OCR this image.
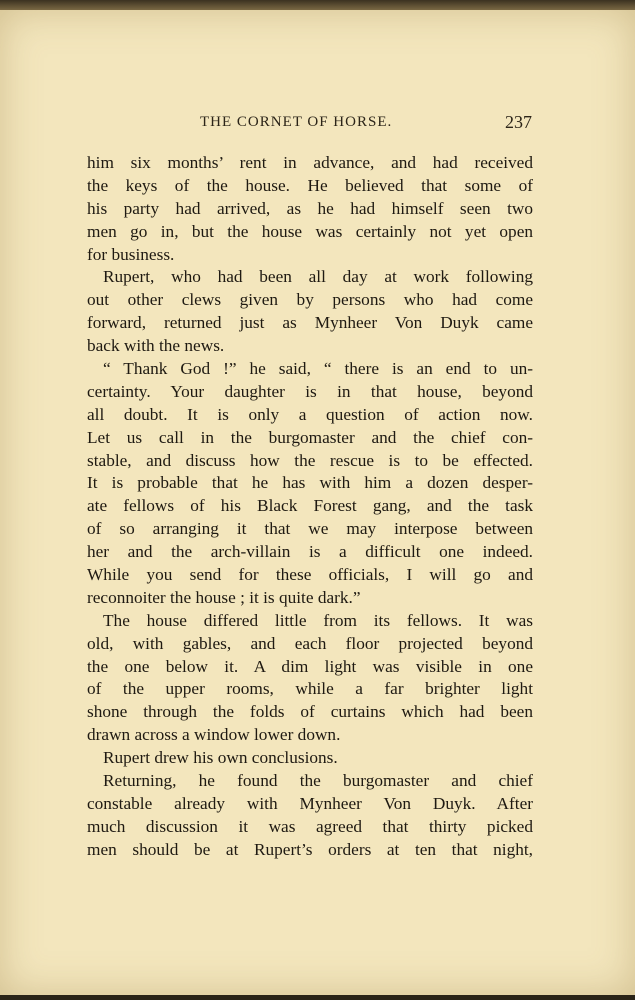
THE CORNET OF HORSE.	237
him six months’ rent in advance, and had received
the keys of the house. He believed that some of
his party had arrived, as he had himself seen two
men go in, but the house was certainly not yet open
for business.
Rupert, who had been all day at work following
out other clews given by persons who had come
forward, returned just as Mynheer Von Duyk came
back with the news.
“ Thank God !” he said, “ there is an end to un-
certainty. Your daughter is in that house, beyond
all doubt. It is only a question of action now.
Let us call in the burgomaster and the chief con-
stable, and discuss how the rescue is to be effected.
It is probable that he has with him a dozen desper-
ate fellows of his Black Forest gang, and the task
of so arranging it that we may interpose between
her and the arch-villain is a difficult one indeed.
While you send for these officials, I will go and
reconnoiter the house ; it is quite dark.”
The house differed little from its fellows. It was
old, with gables, and each floor projected beyond
the one below it. A dim light was visible in one
of the upper rooms, while a far brighter light
shone through the folds of curtains which had been
drawn across a window lower down.
Rupert drew his own conclusions.
Returning, he found the burgomaster and chief
constable already with Mynheer Von Duyk. After
much discussion it was agreed that thirty picked
men should be at Rupert’s orders at ten that night,
